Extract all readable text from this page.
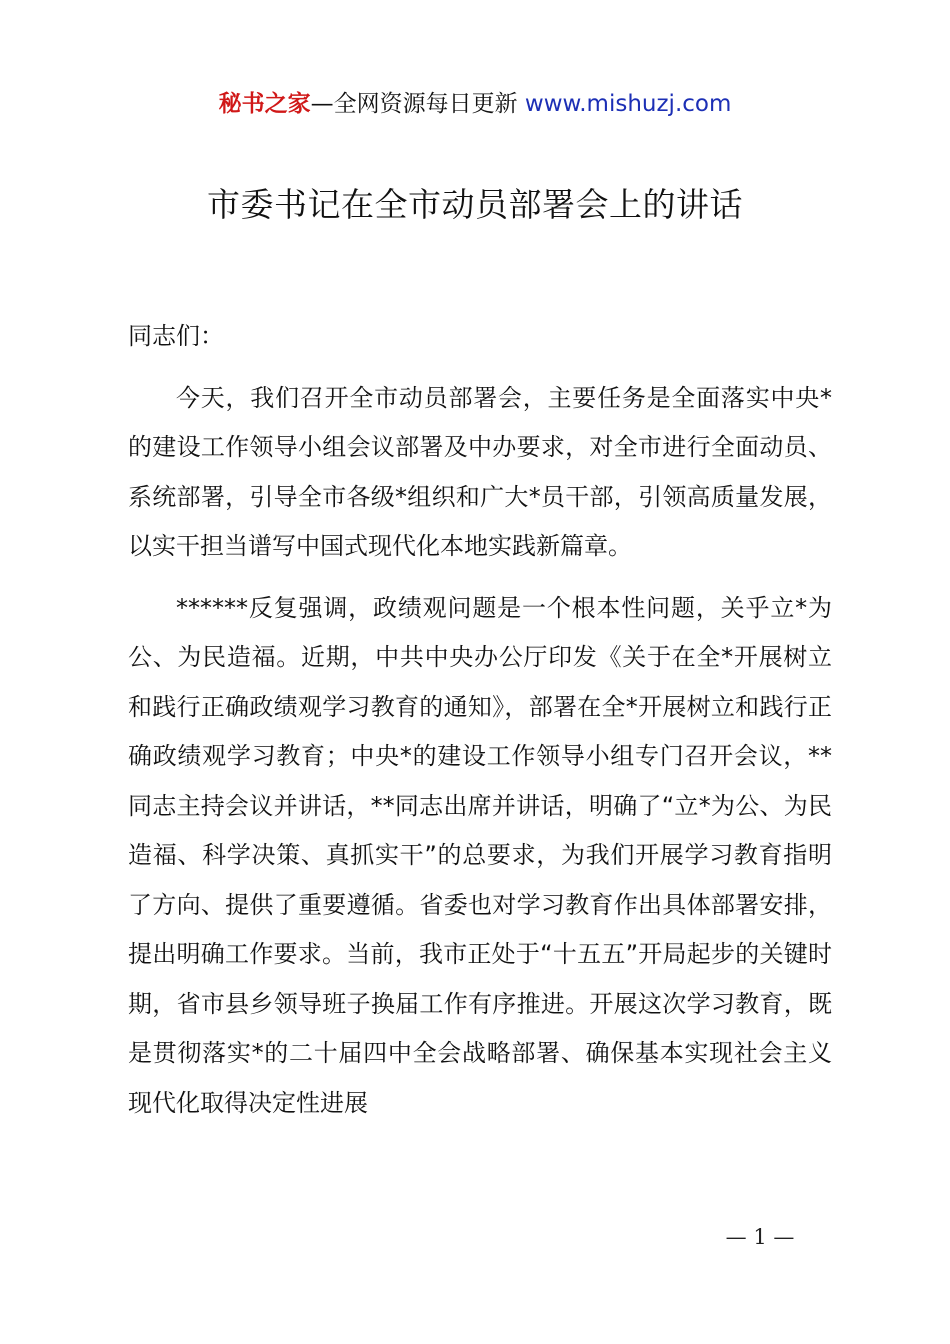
秘书之家—全网资源每日更新 www.mishuzj.com
市委书记在全市动员部署会上的讲话

同志们：

今天，我们召开全市动员部署会，主要任务是全面落实中央*的建设工作领导小组会议部署及中办要求，对全市进行全面动员、系统部署，引导全市各级*组织和广大*员干部，引领高质量发展，以实干担当谱写中国式现代化本地实践新篇章。

******反复强调，政绩观问题是一个根本性问题，关乎立*为公、为民造福。近期，中共中央办公厅印发《关于在全*开展树立和践行正确政绩观学习教育的通知》，部署在全*开展树立和践行正确政绩观学习教育；中央*的建设工作领导小组专门召开会议，**同志主持会议并讲话，**同志出席并讲话，明确了“立*为公、为民造福、科学决策、真抓实干”的总要求，为我们开展学习教育指明了方向、提供了重要遵循。省委也对学习教育作出具体部署安排，提出明确工作要求。当前，我市正处于“十五五”开局起步的关键时期，省市县乡领导班子换届工作有序推进。开展这次学习教育，既是贯彻落实*的二十届四中全会战略部署、确保基本实现社会主义现代化取得决定性进展

— 1 —
